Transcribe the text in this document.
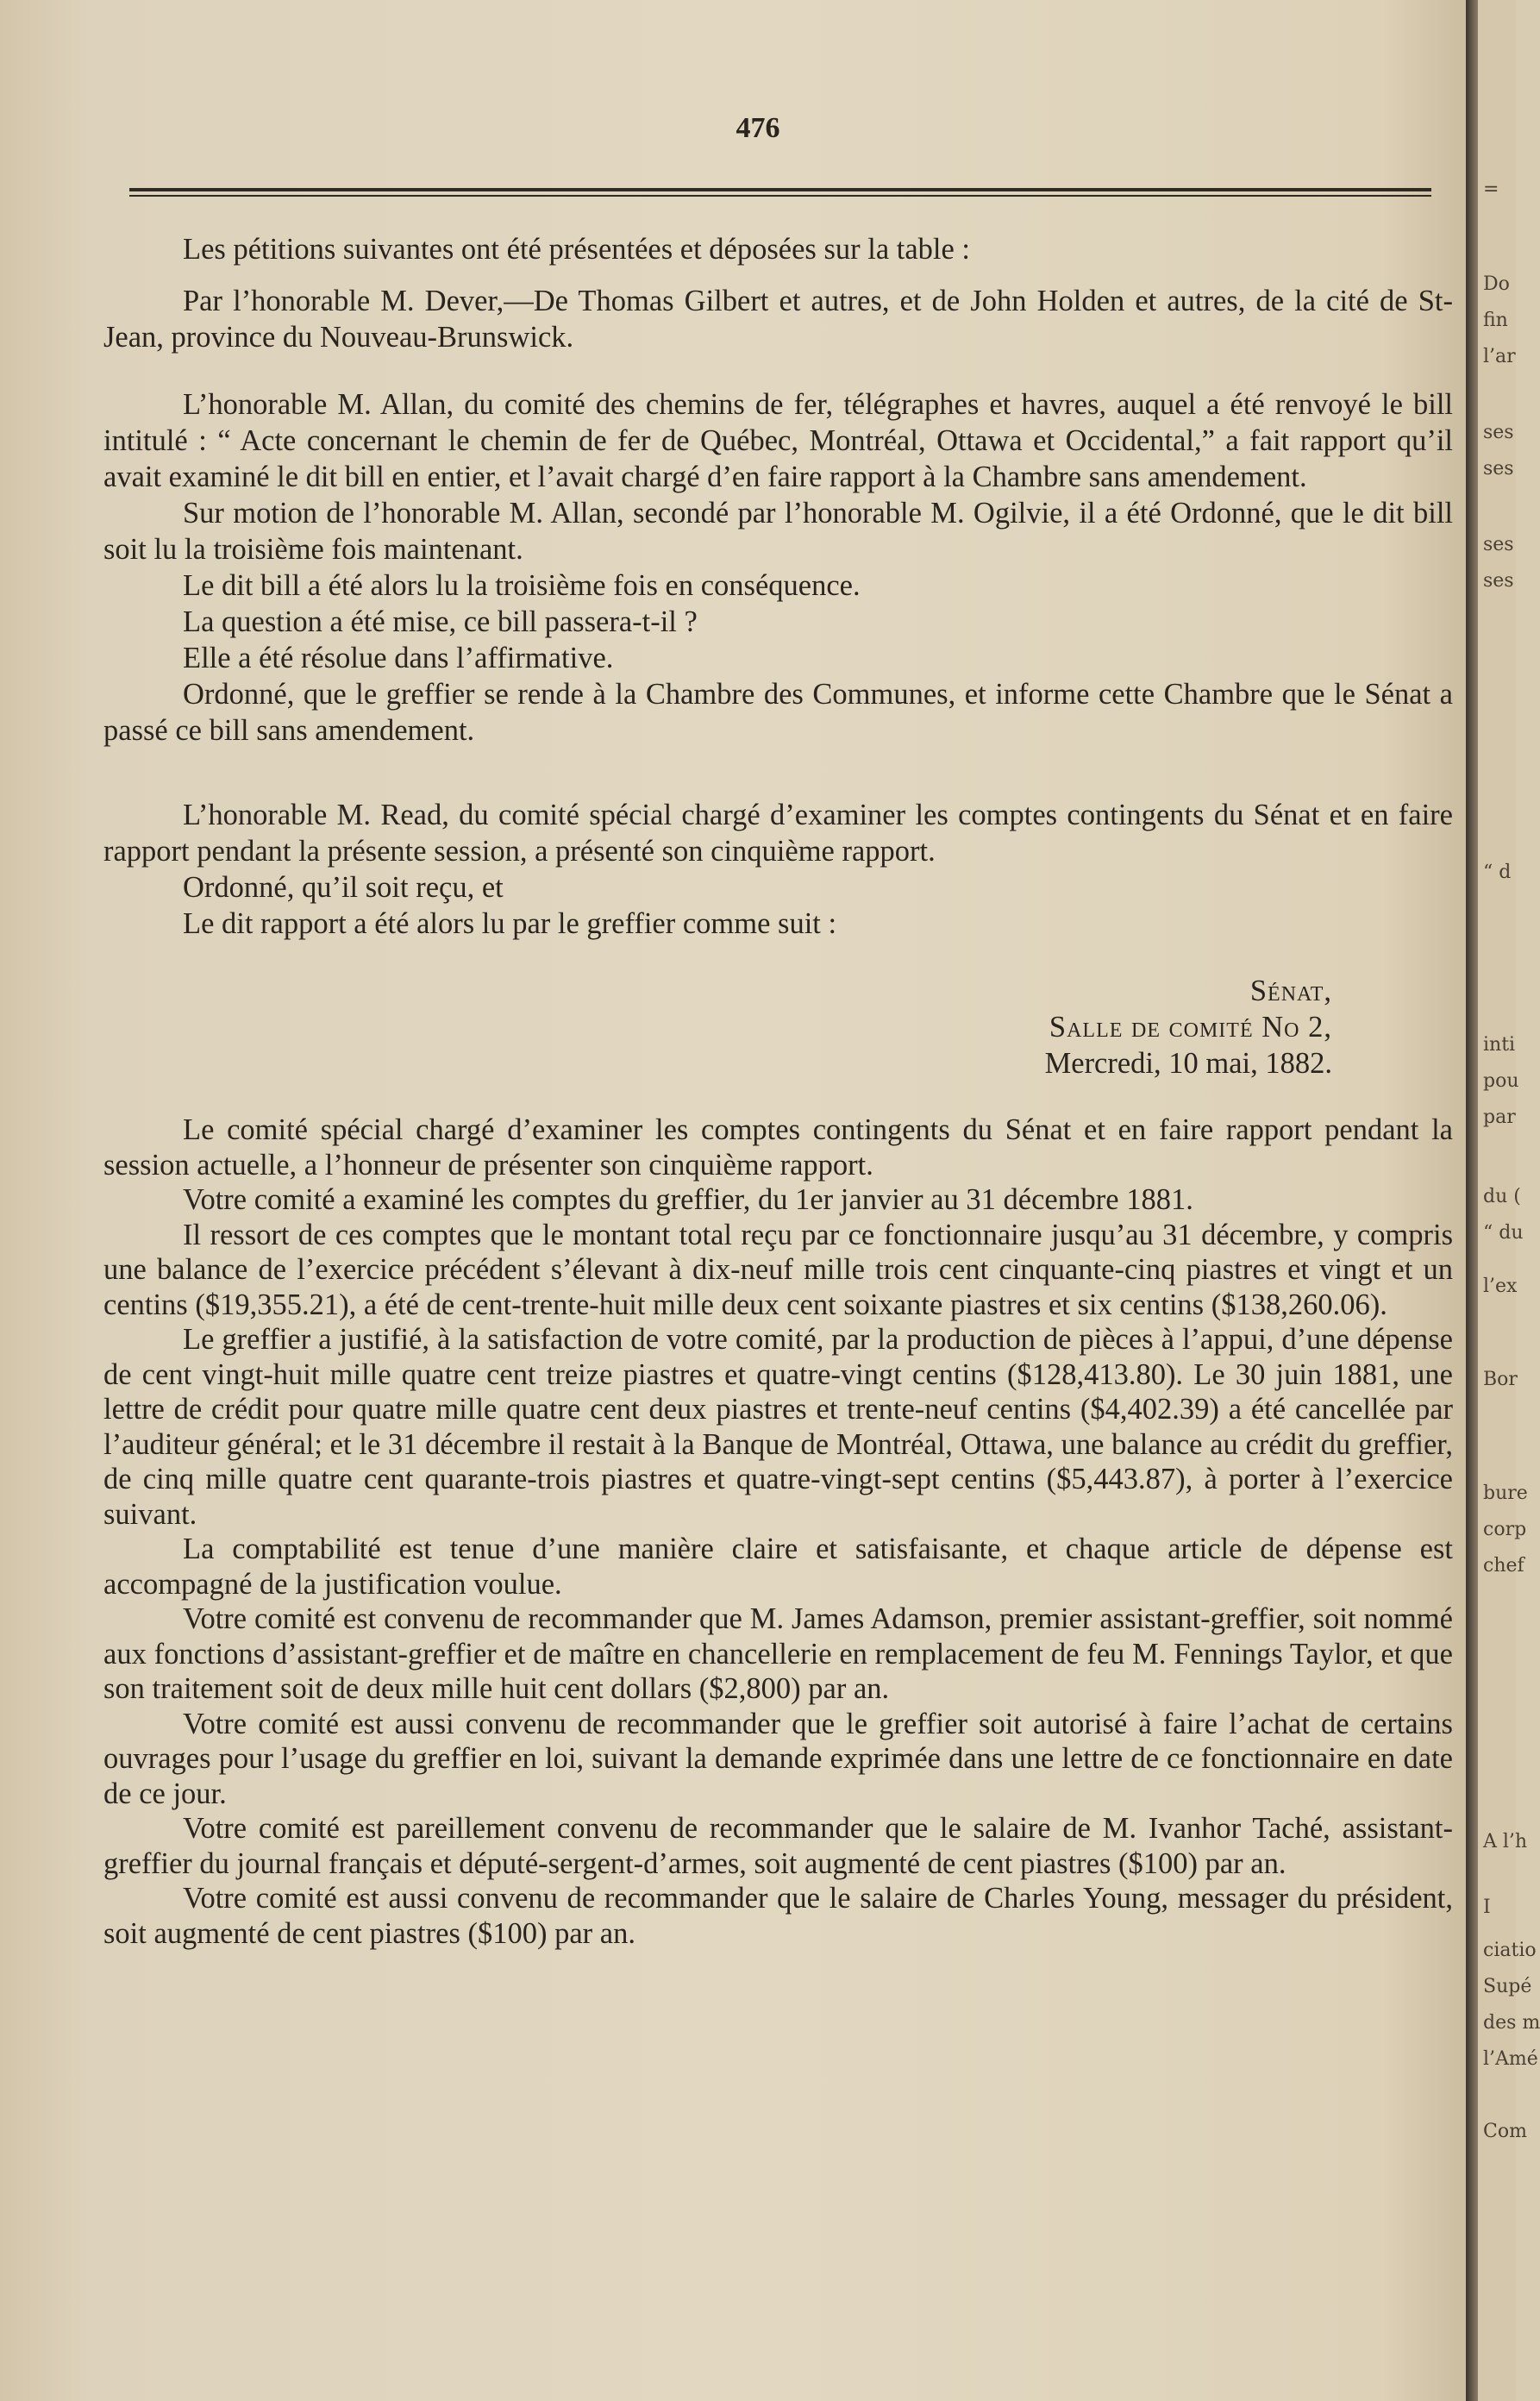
=
Do
fin
l’ar
ses
ses
ses
ses
“ d
inti
pou
par
du (
“ du
l’ex
Bor
bure
corp
chef
A l’h
I
ciatio
Supé
des m
l’Amé
Com
476

Les pétitions suivantes ont été présentées et déposées sur la table :

Par l’honorable M. Dever,—De Thomas Gilbert et autres, et de John Holden et autres, de la cité de St-Jean, province du Nouveau-Brunswick.

L’honorable M. Allan, du comité des chemins de fer, télégraphes et havres, auquel a été renvoyé le bill intitulé : “ Acte concernant le chemin de fer de Québec, Montréal, Ottawa et Occidental,” a fait rapport qu’il avait examiné le dit bill en entier, et l’avait chargé d’en faire rapport à la Chambre sans amendement.

Sur motion de l’honorable M. Allan, secondé par l’honorable M. Ogilvie, il a été Ordonné, que le dit bill soit lu la troisième fois maintenant.

Le dit bill a été alors lu la troisième fois en conséquence.

La question a été mise, ce bill passera-t-il ?

Elle a été résolue dans l’affirmative.

Ordonné, que le greffier se rende à la Chambre des Communes, et informe cette Chambre que le Sénat a passé ce bill sans amendement.

L’honorable M. Read, du comité spécial chargé d’examiner les comptes contingents du Sénat et en faire rapport pendant la présente session, a présenté son cinquième rapport.

Ordonné, qu’il soit reçu, et

Le dit rapport a été alors lu par le greffier comme suit :

Sénat,

Salle de comité No 2,

Mercredi, 10 mai, 1882.

Le comité spécial chargé d’examiner les comptes contingents du Sénat et en faire rapport pendant la session actuelle, a l’honneur de présenter son cinquième rapport.

Votre comité a examiné les comptes du greffier, du 1er janvier au 31 décembre 1881.

Il ressort de ces comptes que le montant total reçu par ce fonctionnaire jusqu’au 31 décembre, y compris une balance de l’exercice précédent s’élevant à dix-neuf mille trois cent cinquante-cinq piastres et vingt et un centins ($19,355.21), a été de cent-trente-huit mille deux cent soixante piastres et six centins ($138,260.06).

Le greffier a justifié, à la satisfaction de votre comité, par la production de pièces à l’appui, d’une dépense de cent vingt-huit mille quatre cent treize piastres et quatre-vingt centins ($128,413.80). Le 30 juin 1881, une lettre de crédit pour quatre mille quatre cent deux piastres et trente-neuf centins ($4,402.39) a été cancellée par l’auditeur général; et le 31 décembre il restait à la Banque de Montréal, Ottawa, une balance au crédit du greffier, de cinq mille quatre cent quarante-trois piastres et quatre-vingt-sept centins ($5,443.87), à porter à l’exercice suivant.

La comptabilité est tenue d’une manière claire et satisfaisante, et chaque article de dépense est accompagné de la justification voulue.

Votre comité est convenu de recommander que M. James Adamson, premier assistant-greffier, soit nommé aux fonctions d’assistant-greffier et de maître en chancellerie en remplacement de feu M. Fennings Taylor, et que son traitement soit de deux mille huit cent dollars ($2,800) par an.

Votre comité est aussi convenu de recommander que le greffier soit autorisé à faire l’achat de certains ouvrages pour l’usage du greffier en loi, suivant la demande exprimée dans une lettre de ce fonctionnaire en date de ce jour.

Votre comité est pareillement convenu de recommander que le salaire de M. Ivanhor Taché, assistant-greffier du journal français et député-sergent-d’armes, soit augmenté de cent piastres ($100) par an.

Votre comité est aussi convenu de recommander que le salaire de Charles Young, messager du président, soit augmenté de cent piastres ($100) par an.
